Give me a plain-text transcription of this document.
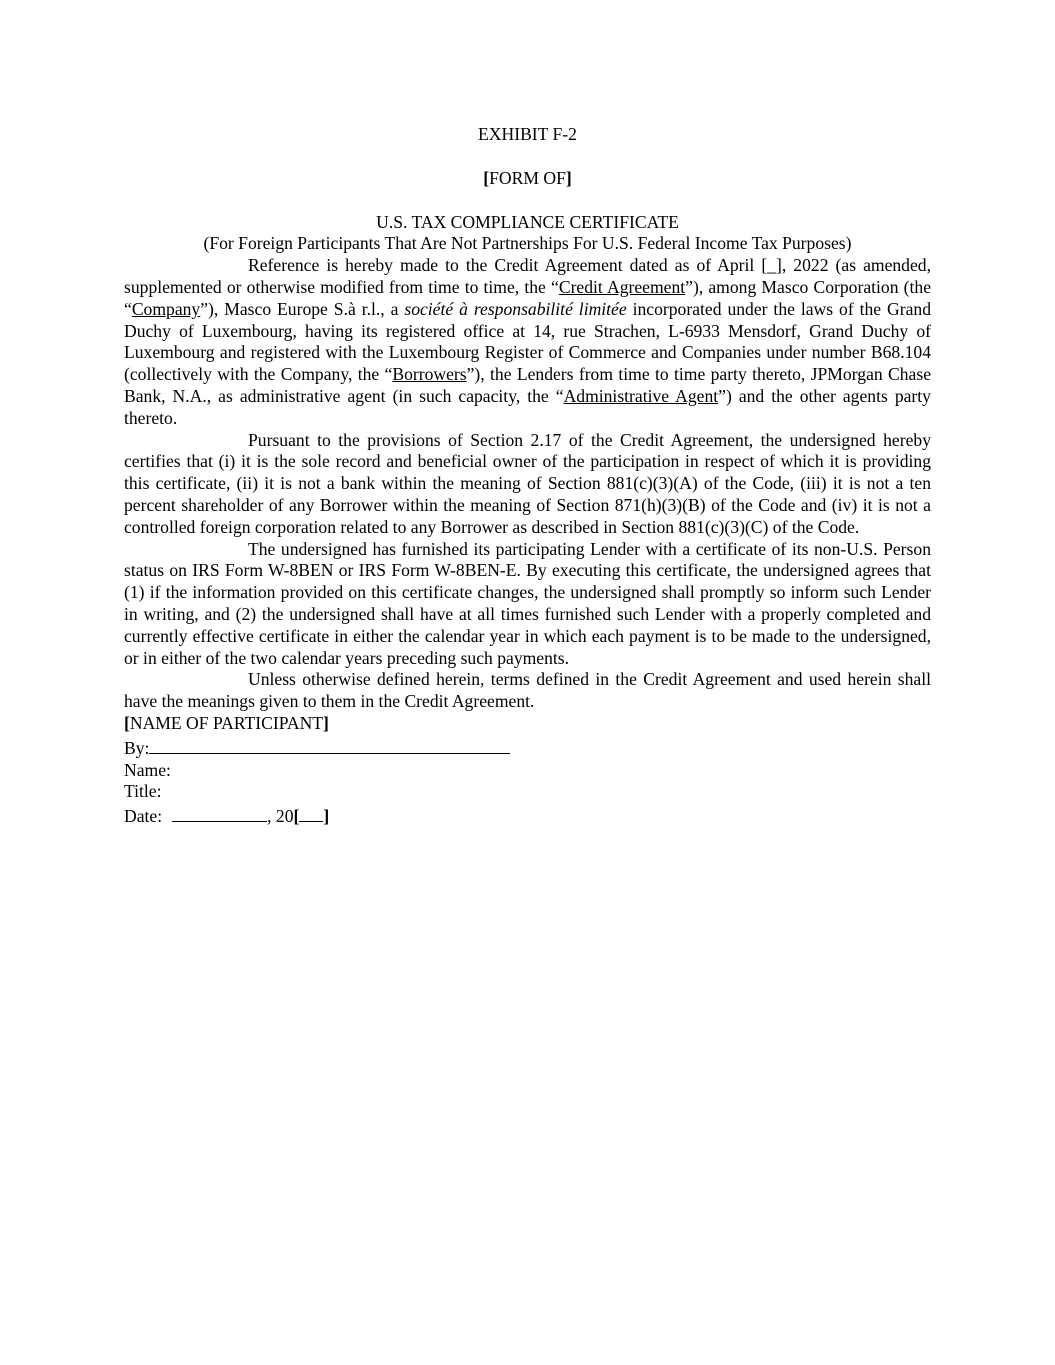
EXHIBIT F-2
[FORM OF]
U.S. TAX COMPLIANCE CERTIFICATE
(For Foreign Participants That Are Not Partnerships For U.S. Federal Income Tax Purposes)

Reference is hereby made to the Credit Agreement dated as of April [_], 2022 (as amended, supplemented or otherwise modified from time to time, the “Credit Agreement”), among Masco Corporation (the “Company”), Masco Europe S.à r.l., a société à responsabilité limitée incorporated under the laws of the Grand Duchy of Luxembourg, having its registered office at 14, rue Strachen, L-6933 Mensdorf, Grand Duchy of Luxembourg and registered with the Luxembourg Register of Commerce and Companies under number B68.104 (collectively with the Company, the “Borrowers”), the Lenders from time to time party thereto, JPMorgan Chase Bank, N.A., as administrative agent (in such capacity, the “Administrative Agent”) and the other agents party thereto.

Pursuant to the provisions of Section 2.17 of the Credit Agreement, the undersigned hereby certifies that (i) it is the sole record and beneficial owner of the participation in respect of which it is providing this certificate, (ii) it is not a bank within the meaning of Section 881(c)(3)(A) of the Code, (iii) it is not a ten percent shareholder of any Borrower within the meaning of Section 871(h)(3)(B) of the Code and (iv) it is not a controlled foreign corporation related to any Borrower as described in Section 881(c)(3)(C) of the Code.

The undersigned has furnished its participating Lender with a certificate of its non-U.S. Person status on IRS Form W-8BEN or IRS Form W-8BEN-E. By executing this certificate, the undersigned agrees that (1) if the information provided on this certificate changes, the undersigned shall promptly so inform such Lender in writing, and (2) the undersigned shall have at all times furnished such Lender with a properly completed and currently effective certificate in either the calendar year in which each payment is to be made to the undersigned, or in either of the two calendar years preceding such payments.

Unless otherwise defined herein, terms defined in the Credit Agreement and used herein shall have the meanings given to them in the Credit Agreement.

[NAME OF PARTICIPANT]
By:
Name:
Title:
Date:	, 20[ ]
